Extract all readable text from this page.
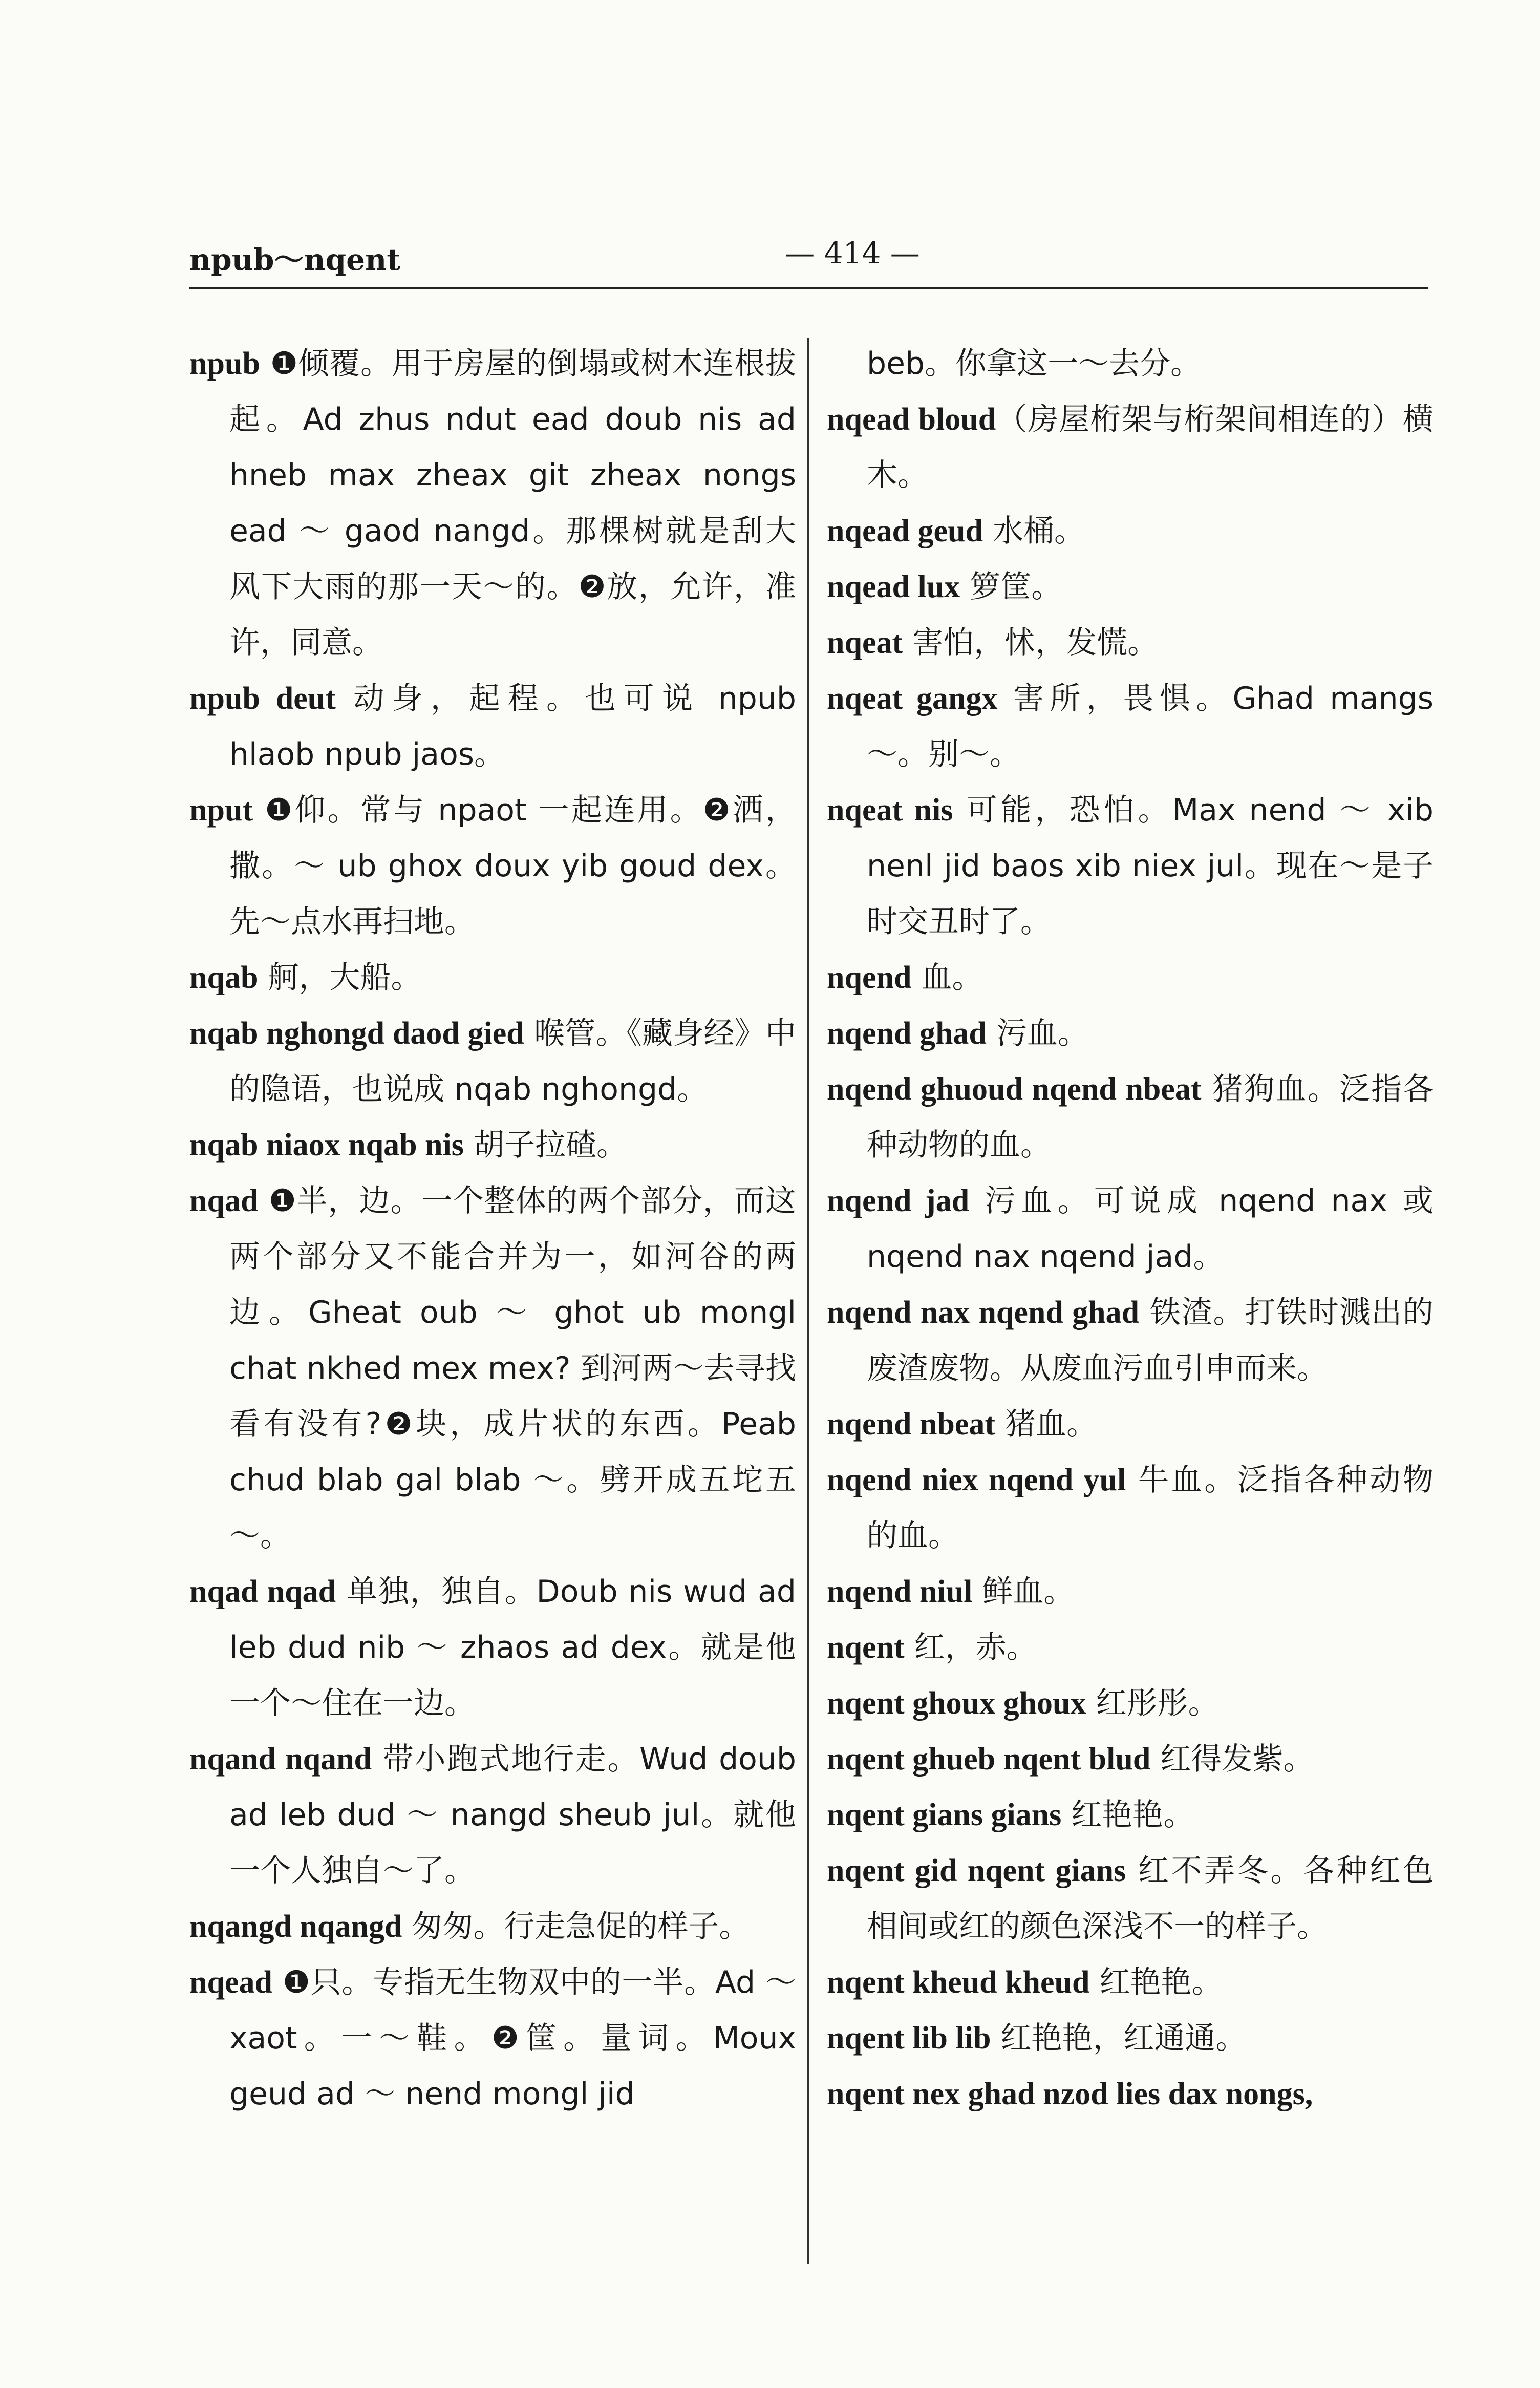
npub～nqent	— 414 —

npub ❶倾覆。用于房屋的倒塌或树木连根拔起。Ad zhus ndut ead doub nis ad hneb max zheax git zheax nongs ead ～ gaod nangd。那棵树就是刮大风下大雨的那一天～的。❷放，允许，准许，同意。

npub deut 动身，起程。也可说 npub hlaob npub jaos。

nput ❶仰。常与 npaot 一起连用。❷洒，撒。～ ub ghox doux yib goud dex。先～点水再扫地。

nqab 舸，大船。

nqab nghongd daod gied 喉管。《藏身经》中的隐语，也说成 nqab nghongd。

nqab niaox nqab nis 胡子拉碴。

nqad ❶半，边。一个整体的两个部分，而这两个部分又不能合并为一，如河谷的两边。Gheat oub ～ ghot ub mongl chat nkhed mex mex? 到河两～去寻找看有没有?❷块，成片状的东西。Peab chud blab gal blab ～。劈开成五坨五～。

nqad nqad 单独，独自。Doub nis wud ad leb dud nib ～ zhaos ad dex。就是他一个～住在一边。

nqand nqand 带小跑式地行走。Wud doub ad leb dud ～ nangd sheub jul。就他一个人独自～了。

nqangd nqangd 匆匆。行走急促的样子。

nqead ❶只。专指无生物双中的一半。Ad ～ xaot。一～鞋。❷筐。量词。Moux geud ad ～ nend mongl jid

beb。你拿这一～去分。

nqead bloud（房屋桁架与桁架间相连的）横木。

nqead geud 水桶。

nqead lux 箩筐。

nqeat 害怕，怵，发慌。

nqeat gangx 害所，畏惧。Ghad mangs ～。别～。

nqeat nis 可能，恐怕。Max nend ～ xib nenl jid baos xib niex jul。现在～是子时交丑时了。

nqend 血。

nqend ghad 污血。

nqend ghuoud nqend nbeat 猪狗血。泛指各种动物的血。

nqend jad 污血。可说成 nqend nax 或 nqend nax nqend jad。

nqend nax nqend ghad 铁渣。打铁时溅出的废渣废物。从废血污血引申而来。

nqend nbeat 猪血。

nqend niex nqend yul 牛血。泛指各种动物的血。

nqend niul 鲜血。

nqent 红，赤。

nqent ghoux ghoux 红彤彤。

nqent ghueb nqent blud 红得发紫。

nqent gians gians 红艳艳。

nqent gid nqent gians 红不弄冬。各种红色相间或红的颜色深浅不一的样子。

nqent kheud kheud 红艳艳。

nqent lib lib 红艳艳，红通通。

nqent nex ghad nzod lies dax nongs,
